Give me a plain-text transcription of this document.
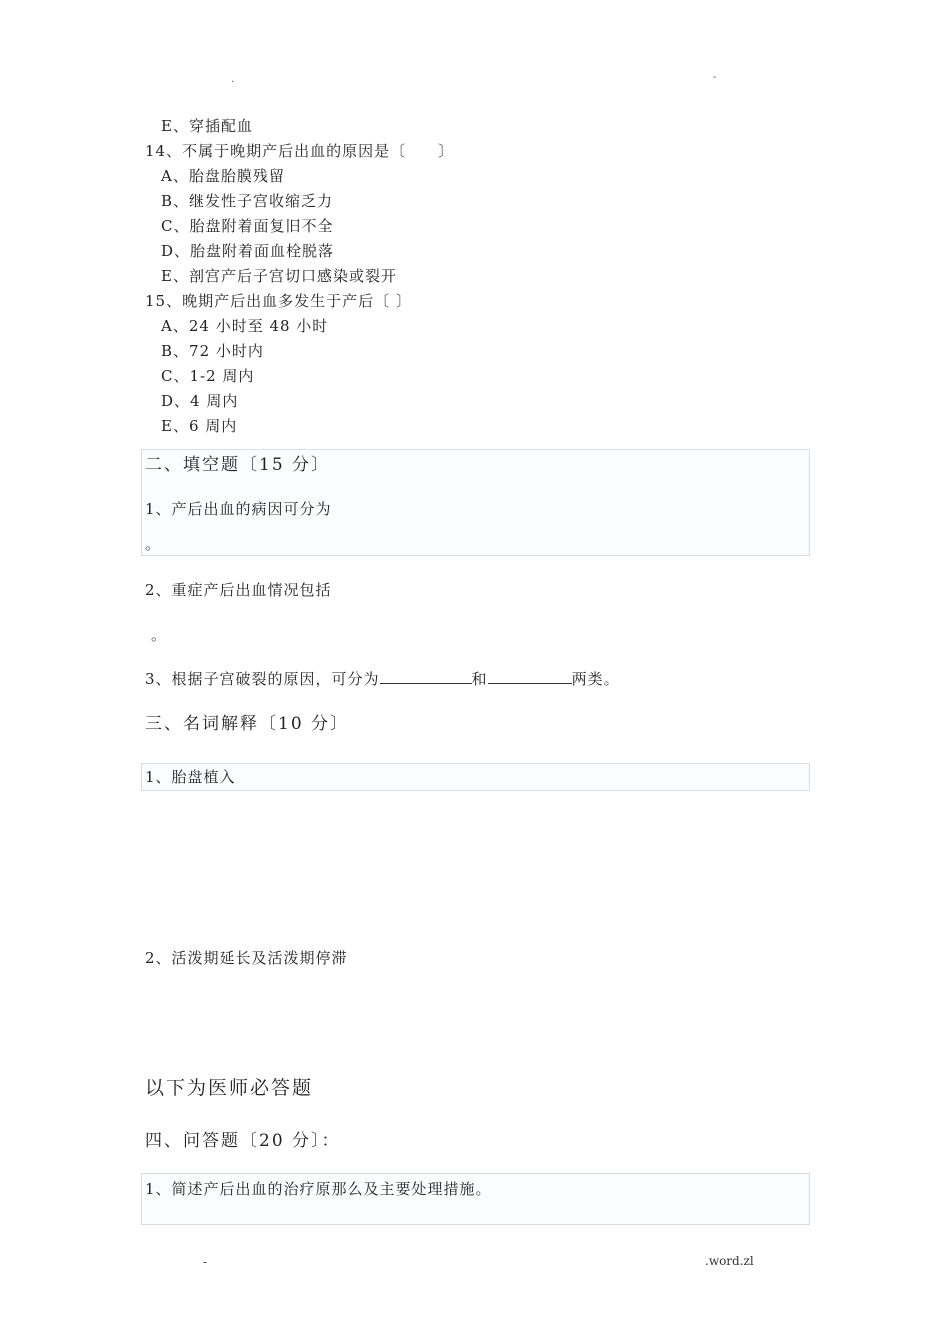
.	-
E、穿插配血
14、不属于晚期产后出血的原因是〔　　〕
A、胎盘胎膜残留
B、继发性子宫收缩乏力
C、胎盘附着面复旧不全
D、胎盘附着面血栓脱落
E、剖宫产后子宫切口感染或裂开
15、晚期产后出血多发生于产后〔 〕
A、24 小时至 48 小时
B、72 小时内
C、1-2 周内
D、4 周内
E、6 周内
二、填空题〔15 分〕
1、产后出血的病因可分为
。
2、重症产后出血情况包括
。
3、根据子宫破裂的原因，可分为	和	两类。
三、名词解释〔10 分〕
1、胎盘植入
2、活泼期延长及活泼期停滞
以下为医师必答题
四、问答题〔20 分〕：
1、简述产后出血的治疗原那么及主要处理措施。
-	.word.zl
